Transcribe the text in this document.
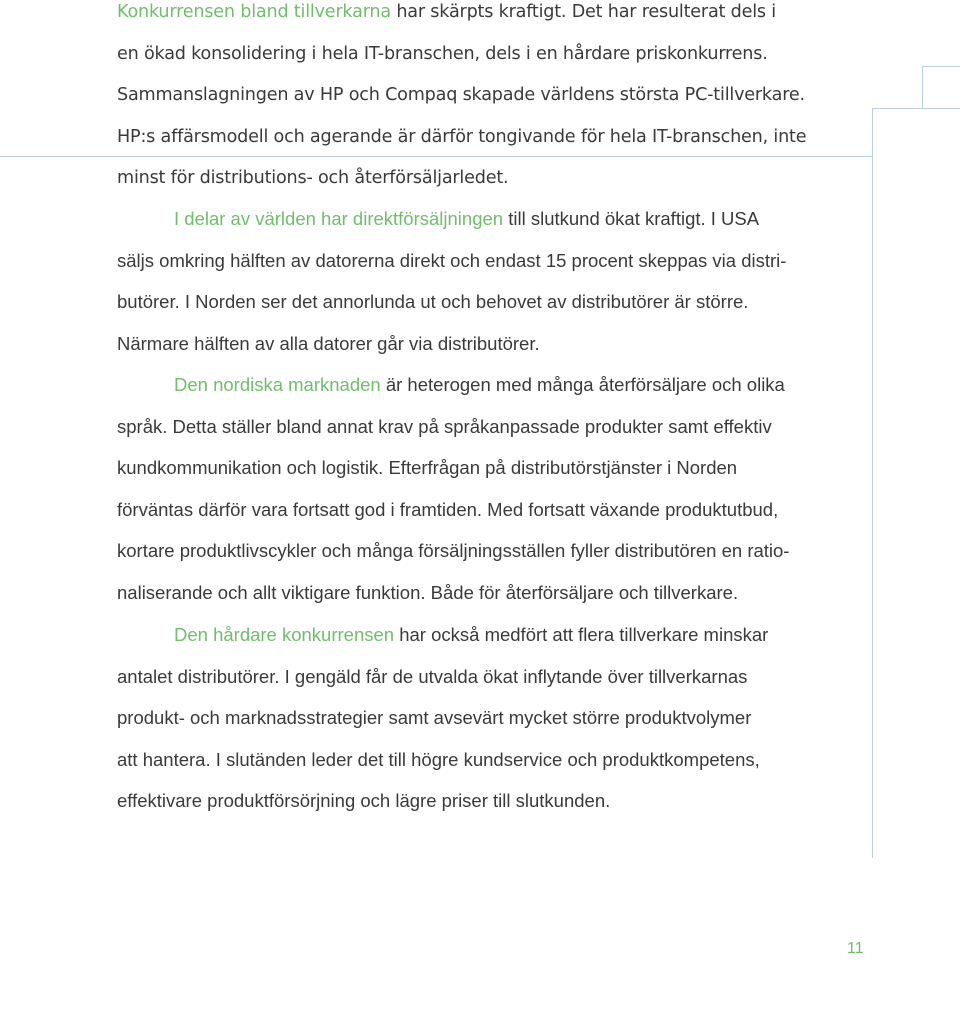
Konkurrensen bland tillverkarna har skärpts kraftigt. Det har resulterat dels i
en ökad konsolidering i hela IT-branschen, dels i en hårdare priskonkurrens.
Sammanslagningen av HP och Compaq skapade världens största PC-tillverkare.
HP:s affärsmodell och agerande är därför tongivande för hela IT-branschen, inte
minst för distributions- och återförsäljarledet.

I delar av världen har direktförsäljningen till slutkund ökat kraftigt. I USA
säljs omkring hälften av datorerna direkt och endast 15 procent skeppas via distri-
butörer. I Norden ser det annorlunda ut och behovet av distributörer är större.
Närmare hälften av alla datorer går via distributörer.

Den nordiska marknaden är heterogen med många återförsäljare och olika
språk. Detta ställer bland annat krav på språkanpassade produkter samt effektiv
kundkommunikation och logistik. Efterfrågan på distributörstjänster i Norden
förväntas därför vara fortsatt god i framtiden. Med fortsatt växande produktutbud,
kortare produktlivscykler och många försäljningsställen fyller distributören en ratio-
naliserande och allt viktigare funktion. Både för återförsäljare och tillverkare.

Den hårdare konkurrensen har också medfört att flera tillverkare minskar
antalet distributörer. I gengäld får de utvalda ökat inflytande över tillverkarnas
produkt- och marknadsstrategier samt avsevärt mycket större produktvolymer
att hantera. I slutänden leder det till högre kundservice och produktkompetens,
effektivare produktförsörjning och lägre priser till slutkunden.

11
